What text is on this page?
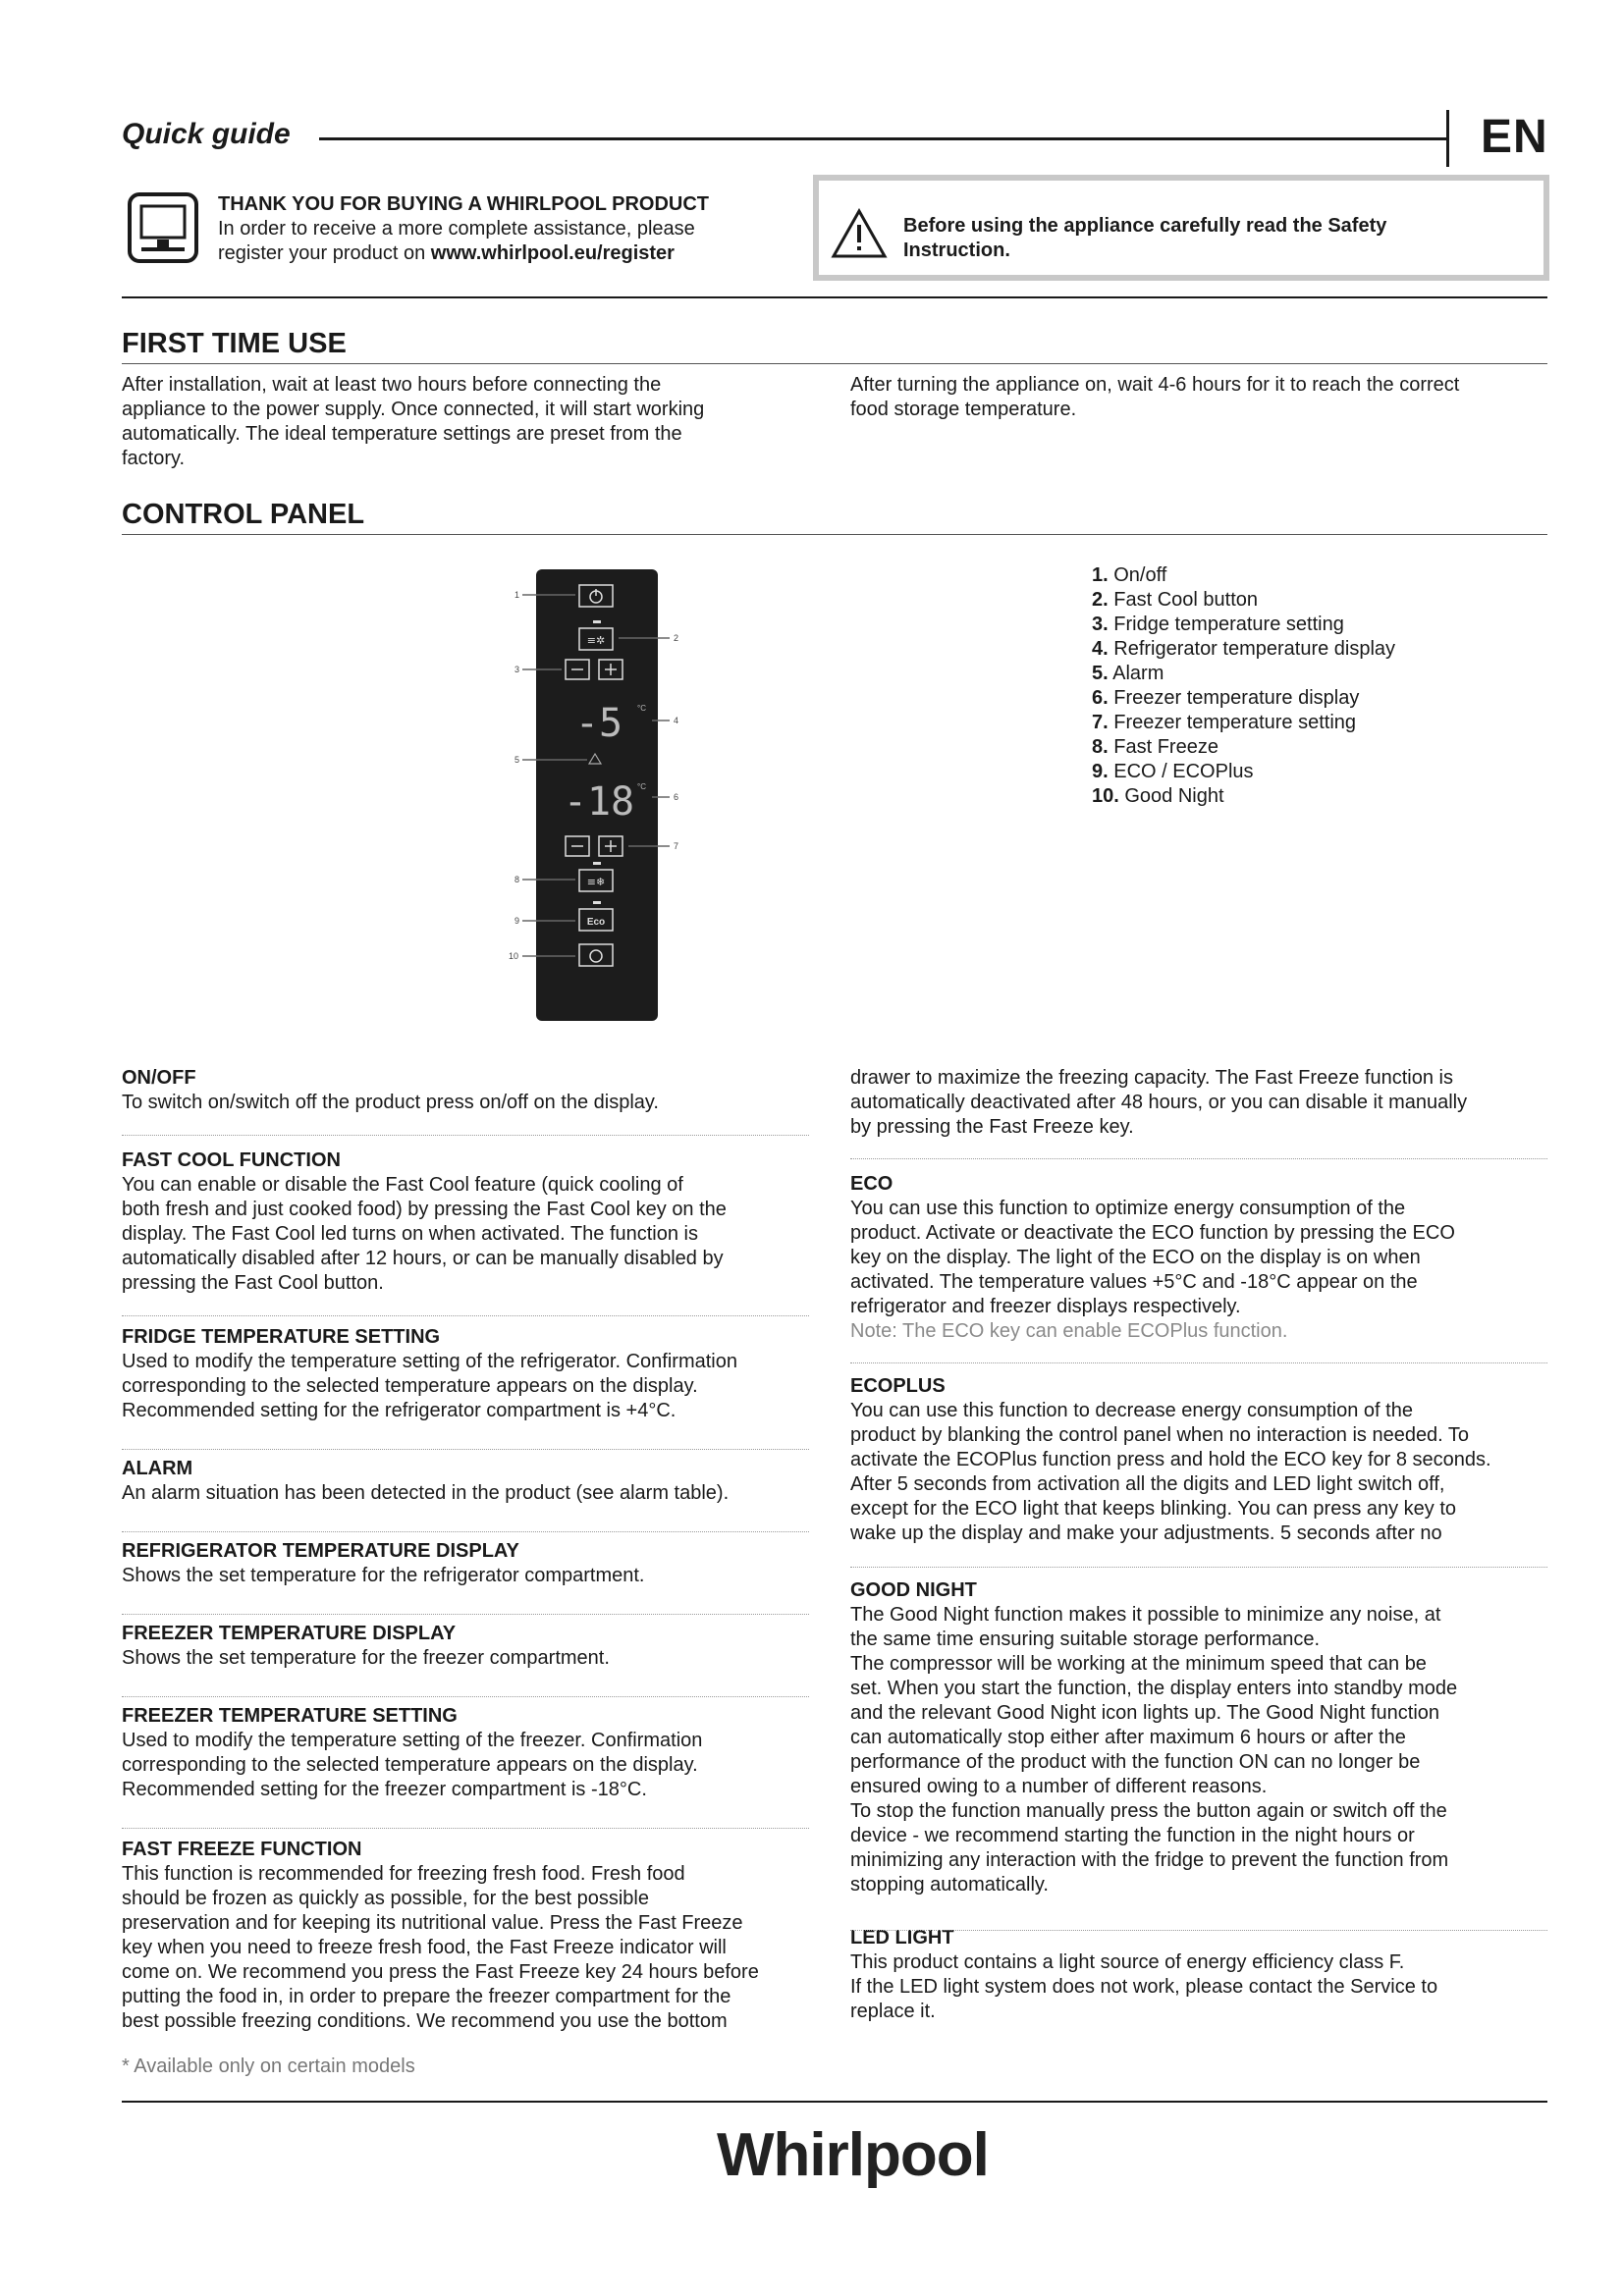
Quick guide	EN
THANK YOU FOR BUYING A WHIRLPOOL PRODUCT
In order to receive a more complete assistance, please
register your product on www.whirlpool.eu/register
Before using the appliance carefully read the Safety
Instruction.
FIRST TIME USE
After installation, wait at least two hours before connecting the
appliance to the power supply. Once connected, it will start working
automatically. The ideal temperature settings are preset from the
factory.
After turning the appliance on, wait 4-6 hours for it to reach the correct
food storage temperature.
CONTROL PANEL
1
2
3
4
5
6
7
8
9
10
≡✲
-5 °C
-18 °C
≡❄
Eco
1. On/off
2. Fast Cool button
3. Fridge temperature setting
4. Refrigerator temperature display
5. Alarm
6. Freezer temperature display
7. Freezer temperature setting
8. Fast Freeze
9. ECO / ECOPlus
10. Good Night
ON/OFF
To switch on/switch off the product press on/off on the display.
FAST COOL FUNCTION
You can enable or disable the Fast Cool feature (quick cooling of
both fresh and just cooked food) by pressing the Fast Cool key on the
display. The Fast Cool led turns on when activated. The function is
automatically disabled after 12 hours, or can be manually disabled by
pressing the Fast Cool button.
FRIDGE TEMPERATURE SETTING
Used to modify the temperature setting of the refrigerator. Confirmation
corresponding to the selected temperature appears on the display.
Recommended setting for the refrigerator compartment is +4°C.
ALARM
An alarm situation has been detected in the product (see alarm table).
REFRIGERATOR TEMPERATURE DISPLAY
Shows the set temperature for the refrigerator compartment.
FREEZER TEMPERATURE DISPLAY
Shows the set temperature for the freezer compartment.
FREEZER TEMPERATURE SETTING
Used to modify the temperature setting of the freezer. Confirmation
corresponding to the selected temperature appears on the display.
Recommended setting for the freezer compartment is -18°C.
FAST FREEZE FUNCTION
This function is recommended for freezing fresh food. Fresh food
should be frozen as quickly as possible, for the best possible
preservation and for keeping its nutritional value. Press the Fast Freeze
key when you need to freeze fresh food, the Fast Freeze indicator will
come on. We recommend you press the Fast Freeze key 24 hours before
putting the food in, in order to prepare the freezer compartment for the
best possible freezing conditions. We recommend you use the bottom
drawer to maximize the freezing capacity. The Fast Freeze function is
automatically deactivated after 48 hours, or you can disable it manually
by pressing the Fast Freeze key.
ECO
You can use this function to optimize energy consumption of the
product. Activate or deactivate the ECO function by pressing the ECO
key on the display. The light of the ECO on the display is on when
activated. The temperature values +5°C and -18°C appear on the
refrigerator and freezer displays respectively.
Note: The ECO key can enable ECOPlus function.
ECOPLUS
You can use this function to decrease energy consumption of the
product by blanking the control panel when no interaction is needed. To
activate the ECOPlus function press and hold the ECO key for 8 seconds.
After 5 seconds from activation all the digits and LED light switch off,
except for the ECO light that keeps blinking. You can press any key to
wake up the display and make your adjustments. 5 seconds after no
GOOD NIGHT
The Good Night function makes it possible to minimize any noise, at
the same time ensuring suitable storage performance.
The compressor will be working at the minimum speed that can be
set. When you start the function, the display enters into standby mode
and the relevant Good Night icon lights up. The Good Night function
can automatically stop either after maximum 6 hours or after the
performance of the product with the function ON can no longer be
ensured owing to a number of different reasons.
To stop the function manually press the button again or switch off the
device - we recommend starting the function in the night hours or
minimizing any interaction with the fridge to prevent the function from
stopping automatically.
LED LIGHT
This product contains a light source of energy efficiency class F.
If the LED light system does not work, please contact the Service to
replace it.
* Available only on certain models
Whirlpool
